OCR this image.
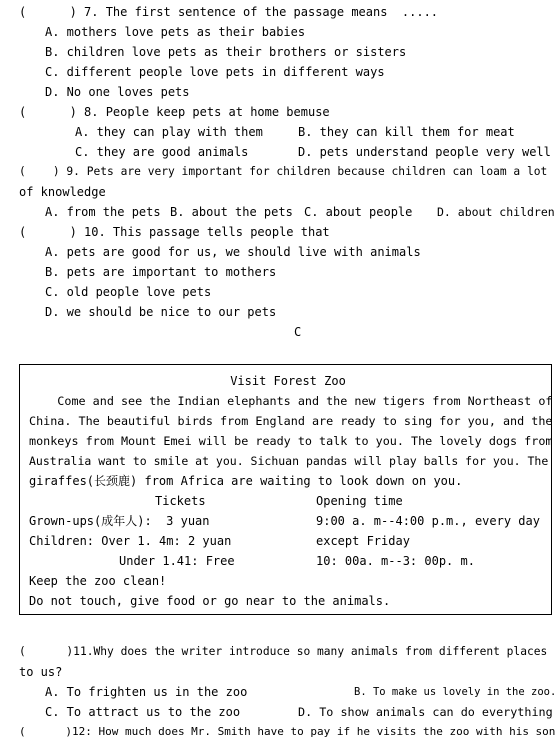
(      ) 7. The first sentence of the passage means  .....
A. mothers love pets as their babies
B. children love pets as their brothers or sisters
C. different people love pets in different ways
D. No one loves pets
(      ) 8. People keep pets at home bemuse
A. they can play with them	B. they can kill them for meat
C. they are good animals	D. pets understand people very well
(    ) 9. Pets are very important for children because children can loam a lot
of knowledge
A. from the pets B. about the pets C. about people D. about children
(      ) 10. This passage tells people that
A. pets are good for us, we should live with animals
B. pets are important to mothers
C. old people love pets
D. we should be nice to our pets
C
Visit Forest Zoo
Come and see the Indian elephants and the new tigers from Northeast of
China. The beautiful birds from England are ready to sing for you, and the
monkeys from Mount Emei will be ready to talk to you. The lovely dogs from
Australia want to smile at you. Sichuan pandas will play balls for you. The
giraffes(长颈鹿) from Africa are waiting to look down on you.
Tickets	Opening time
Grown-ups(成年人):  3 yuan	9:00 a. m--4:00 p.m., every day
Children: Over 1. 4m: 2 yuan	except Friday
Under 1.41: Free	10: 00a. m--3: 00p. m.
Keep the zoo clean!
Do not touch, give food or go near to the animals.
(      )11.Why does the writer introduce so many animals from different places
to us?
A. To frighten us in the zoo	B. To make us lovely in the zoo.
C. To attract us to the zoo	D. To show animals can do everything
(      )12: How much does Mr. Smith have to pay if he visits the zoo with his son
